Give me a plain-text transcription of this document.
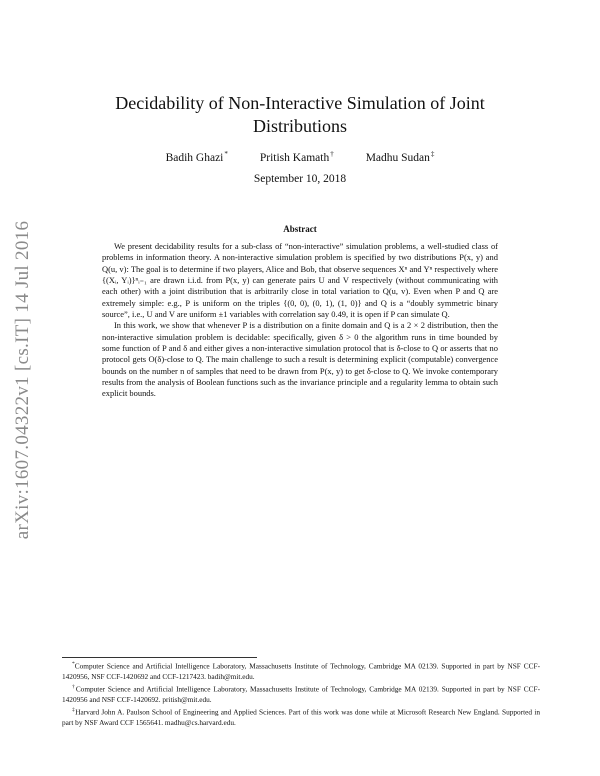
arXiv:1607.04322v1 [cs.IT] 14 Jul 2016
Decidability of Non-Interactive Simulation of Joint
Distributions
Badih Ghazi*	Pritish Kamath†	Madhu Sudan‡
September 10, 2018
Abstract

We present decidability results for a sub-class of “non-interactive” simulation problems, a well-studied class of problems in information theory. A non-interactive simulation problem is specified by two distributions P(x, y) and Q(u, v): The goal is to determine if two players, Alice and Bob, that observe sequences Xⁿ and Yⁿ respectively where {(Xᵢ, Yᵢ)}ⁿᵢ₌₁ are drawn i.i.d. from P(x, y) can generate pairs U and V respectively (without communicating with each other) with a joint distribution that is arbitrarily close in total variation to Q(u, v). Even when P and Q are extremely simple: e.g., P is uniform on the triples {(0, 0), (0, 1), (1, 0)} and Q is a “doubly symmetric binary source”, i.e., U and V are uniform ±1 variables with correlation say 0.49, it is open if P can simulate Q.

In this work, we show that whenever P is a distribution on a finite domain and Q is a 2 × 2 distribution, then the non-interactive simulation problem is decidable: specifically, given δ > 0 the algorithm runs in time bounded by some function of P and δ and either gives a non-interactive simulation protocol that is δ-close to Q or asserts that no protocol gets O(δ)-close to Q. The main challenge to such a result is determining explicit (computable) convergence bounds on the number n of samples that need to be drawn from P(x, y) to get δ-close to Q. We invoke contemporary results from the analysis of Boolean functions such as the invariance principle and a regularity lemma to obtain such explicit bounds.

*Computer Science and Artificial Intelligence Laboratory, Massachusetts Institute of Technology, Cambridge MA 02139. Supported in part by NSF CCF-1420956, NSF CCF-1420692 and CCF-1217423. badih@mit.edu.

†Computer Science and Artificial Intelligence Laboratory, Massachusetts Institute of Technology, Cambridge MA 02139. Supported in part by NSF CCF-1420956 and NSF CCF-1420692. pritish@mit.edu.

‡Harvard John A. Paulson School of Engineering and Applied Sciences. Part of this work was done while at Microsoft Research New England. Supported in part by NSF Award CCF 1565641. madhu@cs.harvard.edu.
